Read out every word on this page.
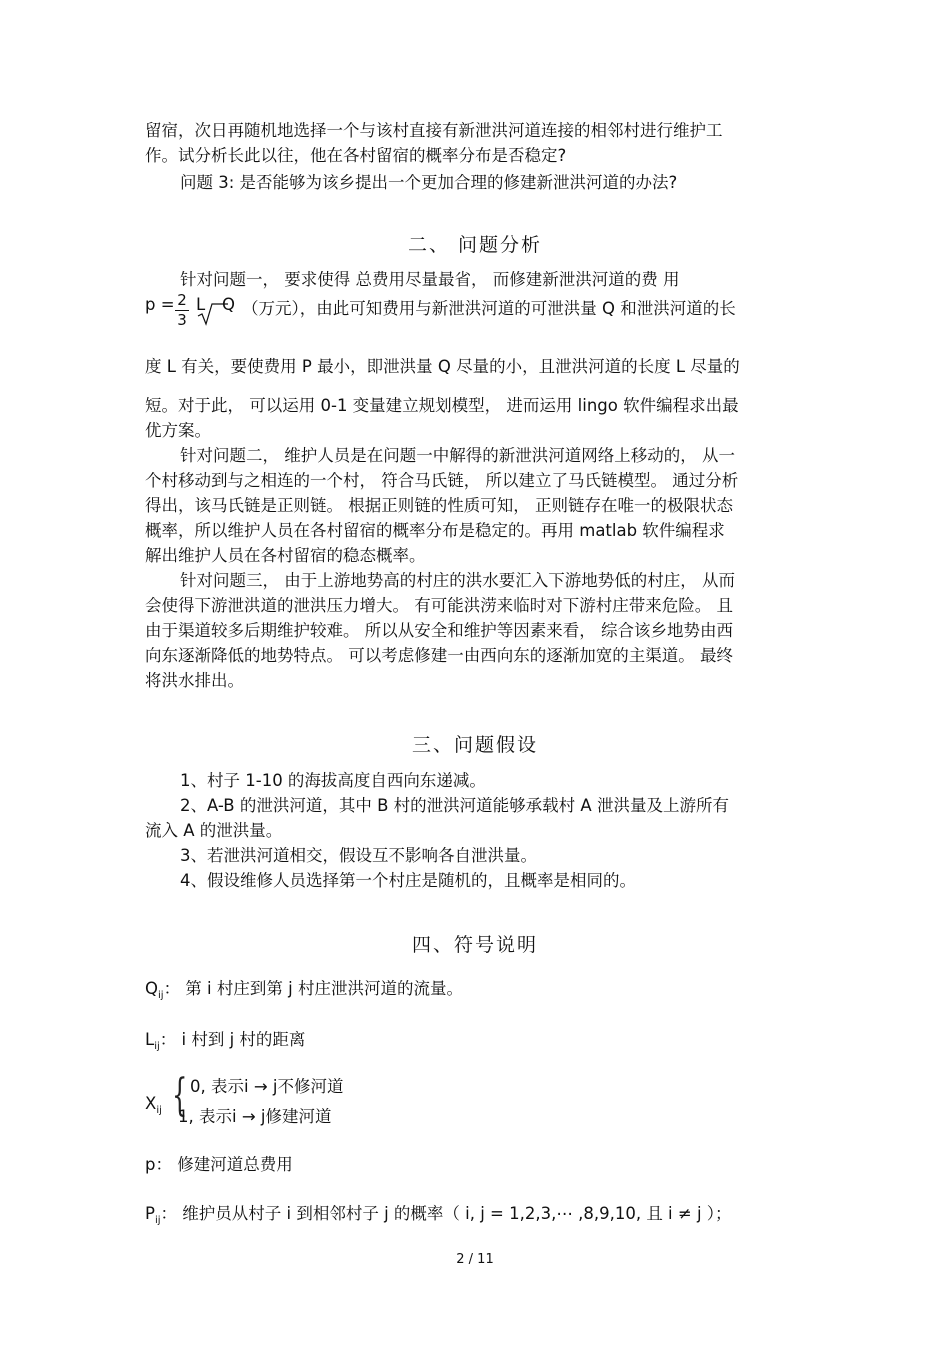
留宿，次日再随机地选择一个与该村直接有新泄洪河道连接的相邻村进行维护工
作。试分析长此以往，他在各村留宿的概率分布是否稳定?
问题 3: 是否能够为该乡提出一个更加合理的修建新泄洪河道的办法?
二、 问题分析
针对问题一， 要求使得 总费用尽量最省， 而修建新泄洪河道的费 用
p = 2
3
L Q （万元），由此可知费用与新泄洪河道的可泄洪量 Q 和泄洪河道的长
度 L 有关，要使费用 P 最小，即泄洪量 Q 尽量的小，且泄洪河道的长度 L 尽量的
短。对于此， 可以运用 0-1 变量建立规划模型， 进而运用 lingo 软件编程求出最
优方案。
针对问题二， 维护人员是在问题一中解得的新泄洪河道网络上移动的， 从一
个村移动到与之相连的一个村， 符合马氏链， 所以建立了马氏链模型。 通过分析
得出，该马氏链是正则链。 根据正则链的性质可知， 正则链存在唯一的极限状态
概率，所以维护人员在各村留宿的概率分布是稳定的。再用 matlab 软件编程求
解出维护人员在各村留宿的稳态概率。
针对问题三， 由于上游地势高的村庄的洪水要汇入下游地势低的村庄， 从而
会使得下游泄洪道的泄洪压力增大。 有可能洪涝来临时对下游村庄带来危险。 且
由于渠道较多后期维护较难。 所以从安全和维护等因素来看， 综合该乡地势由西
向东逐渐降低的地势特点。 可以考虑修建一由西向东的逐渐加宽的主渠道。 最终
将洪水排出。
三、问题假设
1、村子 1-10 的海拔高度自西向东递减。
2、A-B 的泄洪河道，其中 B 村的泄洪河道能够承载村 A 泄洪量及上游所有
流入 A 的泄洪量。
3、若泄洪河道相交，假设互不影响各自泄洪量。
4、假设维修人员选择第一个村庄是随机的，且概率是相同的。
四、符号说明
$Q_{ij}$： 第 i 村庄到第 j 村庄泄洪河道的流量。
$L_{ij}$： i 村到 j 村的距离
$X_{ij}$ { 0, 表示i → j不修河道
1, 表示i → j修建河道
p： 修建河道总费用
$P_{ij}$： 维护员从村子 i 到相邻村子 j 的概率（ i, j = 1,2,3,⋯ ,8,9,10, 且 i ≠ j ）；
2 / 11
